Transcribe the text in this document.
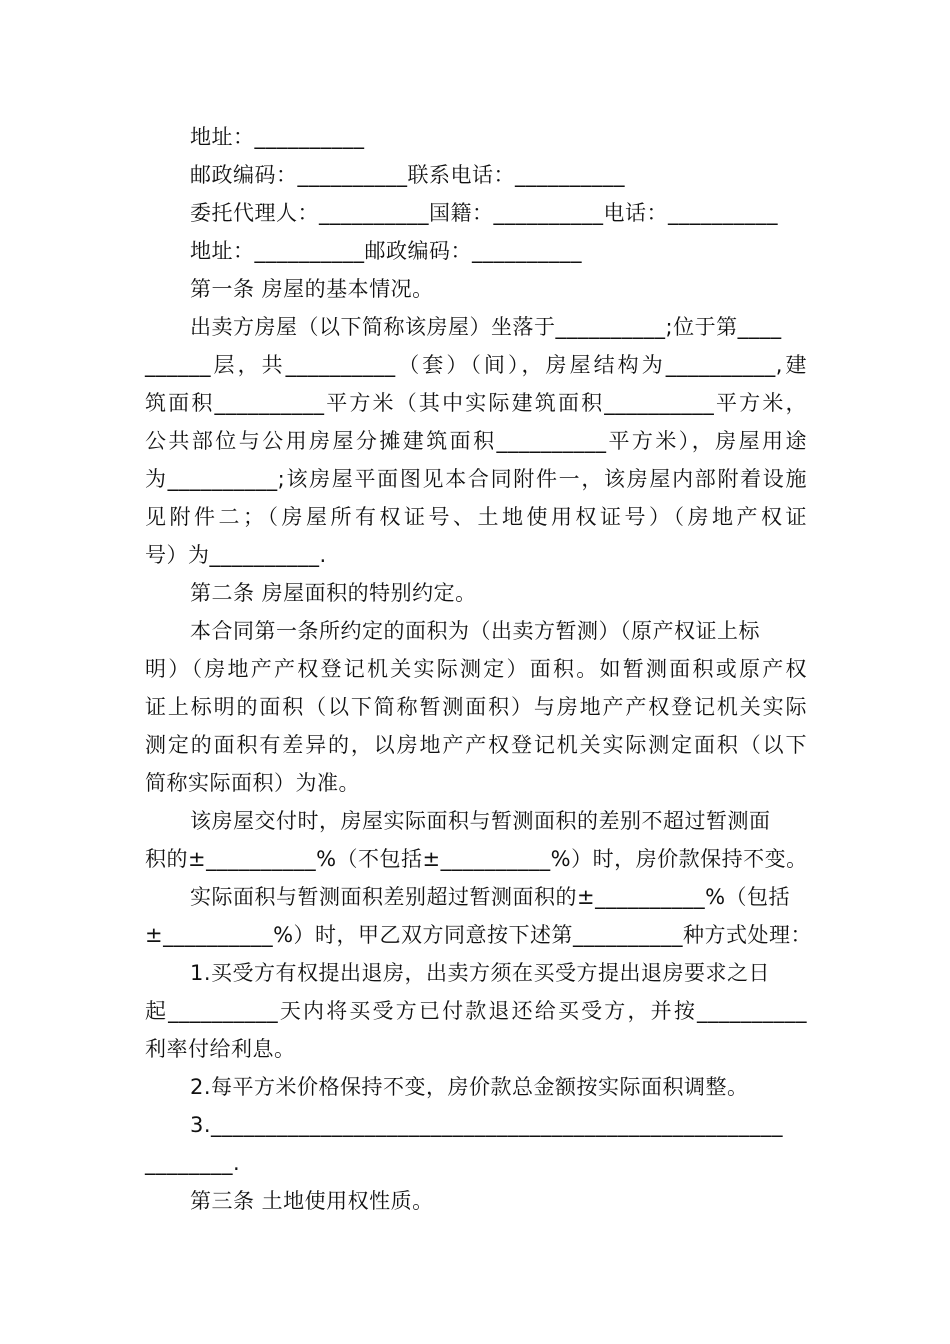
地址：__________
邮政编码：__________联系电话：__________
委托代理人：__________国籍：__________电话：__________
地址：__________邮政编码：__________
第一条 房屋的基本情况。
出卖方房屋（以下简称该房屋）坐落于__________;位于第____
______层，共__________（套）（间），房屋结构为__________,建
筑面积__________平方米（其中实际建筑面积__________平方米，
公共部位与公用房屋分摊建筑面积__________平方米），房屋用途
为__________;该房屋平面图见本合同附件一，该房屋内部附着设施
见附件二；（房屋所有权证号、土地使用权证号）（房地产权证
号）为__________.
第二条 房屋面积的特别约定。
本合同第一条所约定的面积为（出卖方暂测）（原产权证上标
明）（房地产产权登记机关实际测定）面积。如暂测面积或原产权
证上标明的面积（以下简称暂测面积）与房地产产权登记机关实际
测定的面积有差异的，以房地产产权登记机关实际测定面积（以下
简称实际面积）为准。
该房屋交付时，房屋实际面积与暂测面积的差别不超过暂测面
积的±__________%（不包括±__________%）时，房价款保持不变。
实际面积与暂测面积差别超过暂测面积的±__________%（包括
±__________%）时，甲乙双方同意按下述第__________种方式处理：
1.买受方有权提出退房，出卖方须在买受方提出退房要求之日
起__________天内将买受方已付款退还给买受方，并按__________
利率付给利息。
2.每平方米价格保持不变，房价款总金额按实际面积调整。
3.____________________________________________________
________.
第三条 土地使用权性质。
